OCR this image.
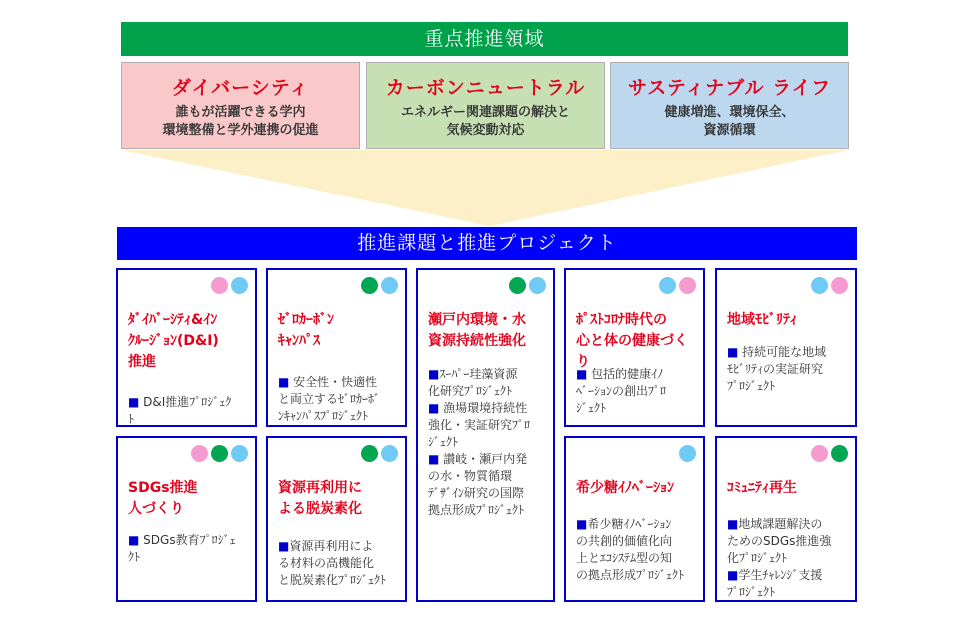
重点推進領域
ダイバーシティ
誰もが活躍できる学内
環境整備と学外連携の促進
カーボンニュートラル
エネルギー関連課題の解決と
気候変動対応
サスティナブル ライフ
健康増進、環境保全、
資源循環
推進課題と推進プロジェクト
ﾀﾞｲﾊﾞｰｼﾃｨ&ｲﾝ
ｸﾙｰｼﾞｮﾝ(D&I)
推進
■ D&I推進ﾌﾟﾛｼﾞｪｸ

ﾄ
ｾﾞﾛｶｰﾎﾞﾝ
ｷｬﾝﾊﾟｽ
■ 安全性・快適性

と両立するｾﾞﾛｶｰﾎﾞ
ﾝｷｬﾝﾊﾟｽﾌﾟﾛｼﾞｪｸﾄ
瀬戸内環境・水
資源持続性強化
■ｽｰﾊﾟｰ珪藻資源

化研究ﾌﾟﾛｼﾞｪｸﾄ
■ 漁場環境持続性

強化・実証研究ﾌﾟﾛ
ｼﾞｪｸﾄ
■ 讃岐・瀬戸内発

の水・物質循環
ﾃﾞｻﾞｲﾝ研究の国際
拠点形成ﾌﾟﾛｼﾞｪｸﾄ
ﾎﾟｽﾄｺﾛﾅ時代の
心と体の健康づくり
■ 包括的健康ｲﾉ

ﾍﾞｰｼｮﾝの創出ﾌﾟﾛ
ｼﾞｪｸﾄ
地域ﾓﾋﾞﾘﾃｨ
■ 持続可能な地域

ﾓﾋﾞﾘﾃｨの実証研究
ﾌﾟﾛｼﾞｪｸﾄ
SDGs推進
人づくり
■ SDGs教育ﾌﾟﾛｼﾞｪ

ｸﾄ
資源再利用に
よる脱炭素化
■資源再利用によ

る材料の高機能化
と脱炭素化ﾌﾟﾛｼﾞｪｸﾄ
希少糖ｲﾉﾍﾞｰｼｮﾝ
■希少糖ｲﾉﾍﾞｰｼｮﾝ

の共創的価値化向
上とｴｺｼｽﾃﾑ型の知
の拠点形成ﾌﾟﾛｼﾞｪｸﾄ
ｺﾐｭﾆﾃｨ再生
■地域課題解決の

ためのSDGs推進強
化ﾌﾟﾛｼﾞｪｸﾄ
■学生ﾁｬﾚﾝｼﾞ支援

ﾌﾟﾛｼﾞｪｸﾄ
